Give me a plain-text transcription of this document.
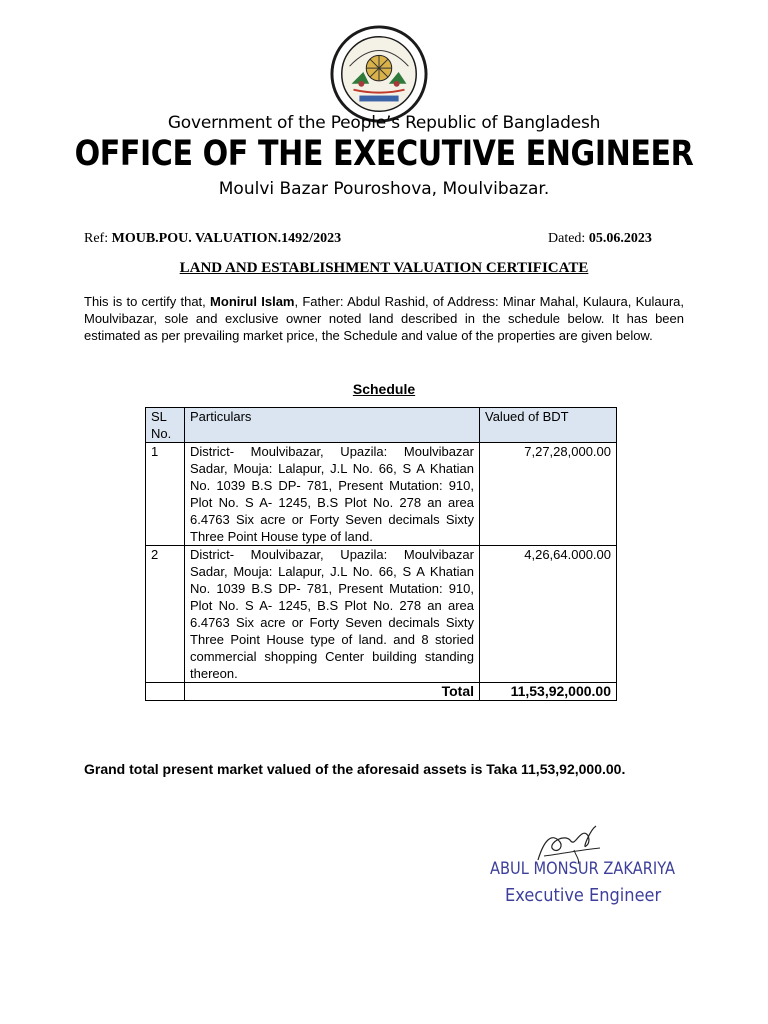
Government of the People’s Republic of Bangladesh
OFFICE OF THE EXECUTIVE ENGINEER
Moulvi Bazar Pouroshova, Moulvibazar.
Ref: MOUB.POU. VALUATION.1492/2023	Dated: 05.06.2023
LAND AND ESTABLISHMENT VALUATION CERTIFICATE
This is to certify that, Monirul Islam, Father: Abdul Rashid, of Address: Minar Mahal, Kulaura, Kulaura, Moulvibazar, sole and exclusive owner noted land described in the schedule below. It has been estimated as per prevailing market price, the Schedule and value of the properties are given below.
Schedule
SL No.	Particulars	Valued of BDT
1	District- Moulvibazar, Upazila: Moulvibazar Sadar, Mouja: Lalapur, J.L No. 66, S A Khatian No. 1039 B.S DP- 781, Present Mutation: 910, Plot No. S A- 1245, B.S Plot No. 278 an area 6.4763 Six acre or Forty Seven decimals Sixty Three Point House type of land.	7,27,28,000.00
2	District- Moulvibazar, Upazila: Moulvibazar Sadar, Mouja: Lalapur, J.L No. 66, S A Khatian No. 1039 B.S DP- 781, Present Mutation: 910, Plot No. S A- 1245, B.S Plot No. 278 an area 6.4763 Six acre or Forty Seven decimals Sixty Three Point House type of land. and 8 storied commercial shopping Center building standing thereon.	4,26,64.000.00
	Total	11,53,92,000.00
Grand total present market valued of the aforesaid assets is Taka 11,53,92,000.00.
ABUL MONSUR ZAKARIYA
Executive Engineer
